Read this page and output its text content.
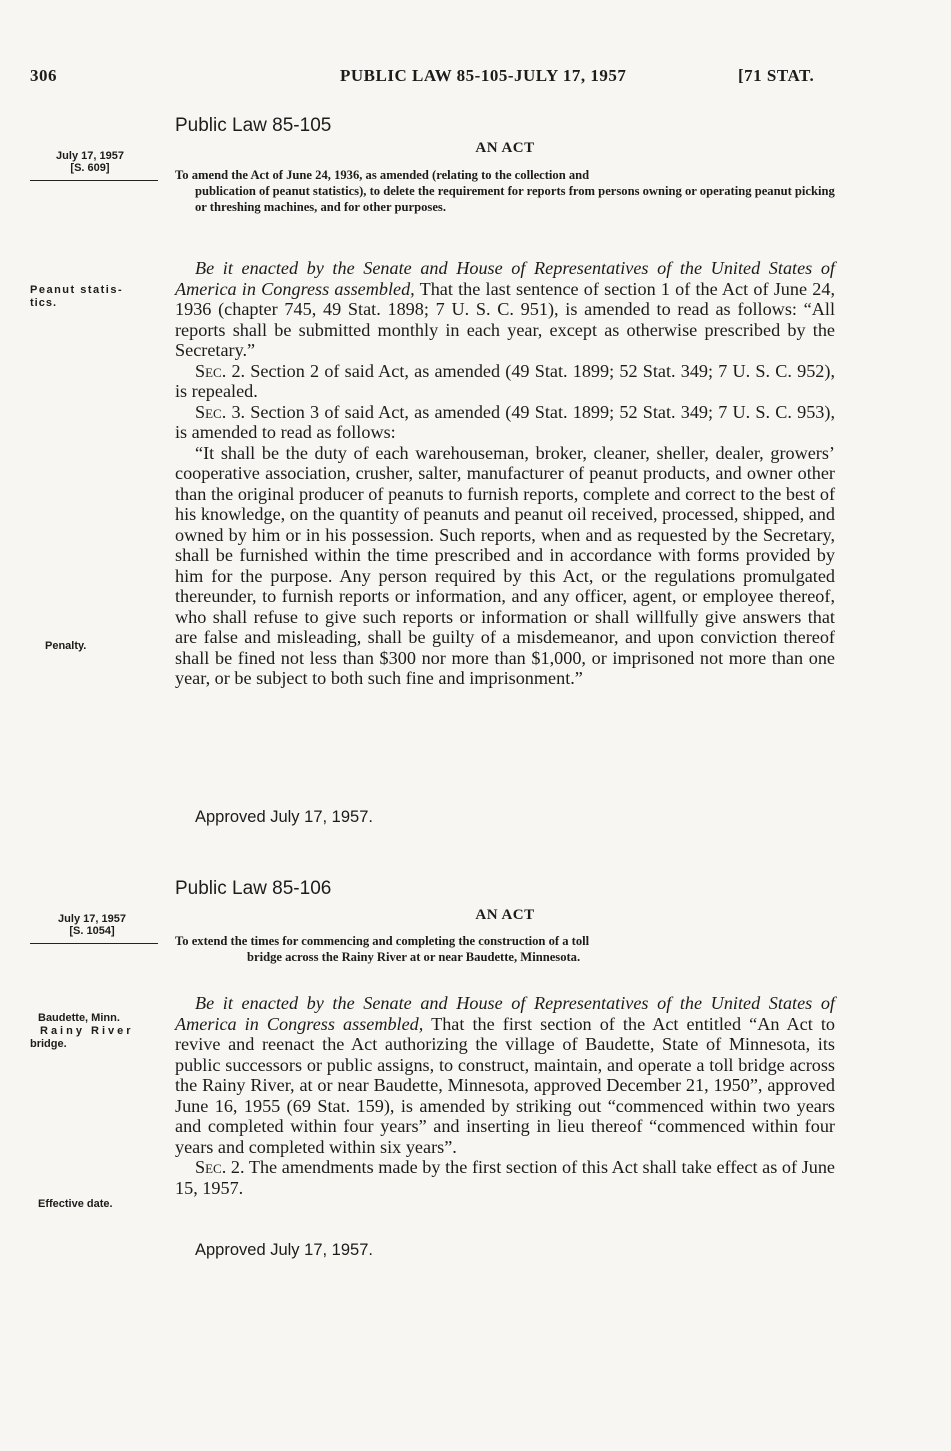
306	PUBLIC LAW 85-105-JULY 17, 1957	[71 STAT.
Public Law 85-105
AN ACT
July 17, 1957
[S. 609]	To amend the Act of June 24, 1936, as amended (relating to the collection and
publication of peanut statistics), to delete the requirement for reports from persons owning or operating peanut picking or threshing machines, and for other purposes.
Peanut statis-
tics.

Be it enacted by the Senate and House of Representatives of the United States of America in Congress assembled, That the last sentence of section 1 of the Act of June 24, 1936 (chapter 745, 49 Stat. 1898; 7 U. S. C. 951), is amended to read as follows: “All reports shall be submitted monthly in each year, except as otherwise prescribed by the Secretary.”

Sec. 2. Section 2 of said Act, as amended (49 Stat. 1899; 52 Stat. 349; 7 U. S. C. 952), is repealed.

Sec. 3. Section 3 of said Act, as amended (49 Stat. 1899; 52 Stat. 349; 7 U. S. C. 953), is amended to read as follows:

“It shall be the duty of each warehouseman, broker, cleaner, sheller, dealer, growers’ cooperative association, crusher, salter, manufacturer of peanut products, and owner other than the original producer of peanuts to furnish reports, complete and correct to the best of his knowledge, on the quantity of peanuts and peanut oil received, processed, shipped, and owned by him or in his possession. Such reports, when and as requested by the Secretary, shall be furnished within the time prescribed and in accordance with forms provided by him for the purpose. Any person required by this Act, or the regulations promulgated thereunder, to furnish reports or information, and any officer, agent, or employee thereof, who shall refuse to give such reports or information or shall willfully give answers that are false and misleading, shall be guilty of a misdemeanor, and upon conviction thereof shall be fined not less than $300 nor more than $1,000, or imprisoned not more than one year, or be subject to both such fine and imprisonment.”

Penalty.
Approved July 17, 1957.
Public Law 85-106
AN ACT
July 17, 1957
[S. 1054]
To extend the times for commencing and completing the construction of a toll
bridge across the Rainy River at or near Baudette, Minnesota.
Baudette, Minn.
Rainy River
bridge.

Be it enacted by the Senate and House of Representatives of the United States of America in Congress assembled, That the first section of the Act entitled “An Act to revive and reenact the Act authorizing the village of Baudette, State of Minnesota, its public successors or public assigns, to construct, maintain, and operate a toll bridge across the Rainy River, at or near Baudette, Minnesota, approved December 21, 1950”, approved June 16, 1955 (69 Stat. 159), is amended by striking out “commenced within two years and completed within four years” and inserting in lieu thereof “commenced within four years and completed within six years”.

Sec. 2. The amendments made by the first section of this Act shall take effect as of June 15, 1957.

Effective date.
Approved July 17, 1957.
